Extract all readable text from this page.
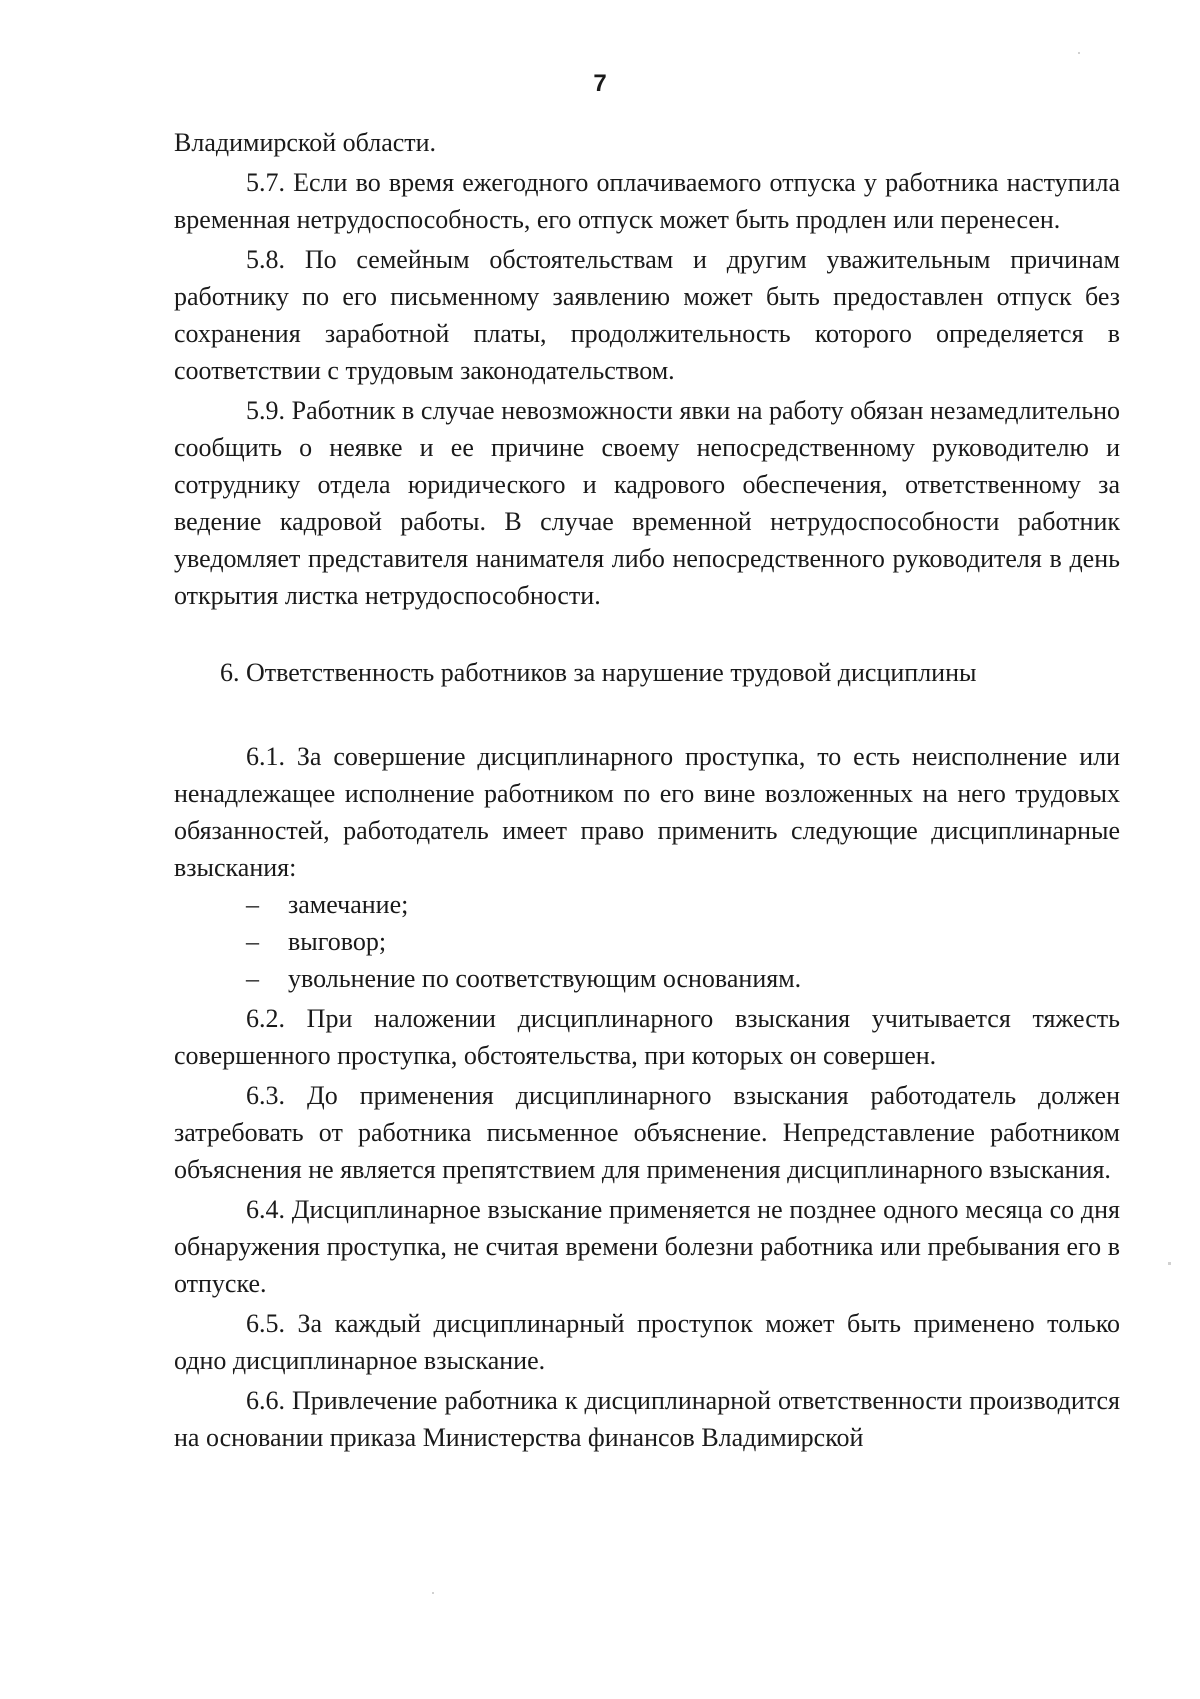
7

Владимирской области.

5.7. Если во время ежегодного оплачиваемого отпуска у работника наступила временная нетрудоспособность, его отпуск может быть продлен или перенесен.

5.8. По семейным обстоятельствам и другим уважительным причинам работнику по его письменному заявлению может быть предоставлен отпуск без сохранения заработной платы, продолжительность которого определяется в соответствии с трудовым законодательством.

5.9. Работник в случае невозможности явки на работу обязан незамедлительно сообщить о неявке и ее причине своему непосредственному руководителю и сотруднику отдела юридического и кадрового обеспечения, ответственному за ведение кадровой работы. В случае временной нетрудоспособности работник уведомляет представителя нанимателя либо непосредственного руководителя в день открытия листка нетрудоспособности.

6. Ответственность работников за нарушение трудовой дисциплины

6.1. За совершение дисциплинарного проступка, то есть неисполнение или ненадлежащее исполнение работником по его вине возложенных на него трудовых обязанностей, работодатель имеет право применить следующие дисциплинарные взыскания:

–	замечание;
–	выговор;
–	увольнение по соответствующим основаниям.

6.2. При наложении дисциплинарного взыскания учитывается тяжесть совершенного проступка, обстоятельства, при которых он совершен.

6.3. До применения дисциплинарного взыскания работодатель должен затребовать от работника письменное объяснение. Непредставление работником объяснения не является препятствием для применения дисциплинарного взыскания.

6.4. Дисциплинарное взыскание применяется не позднее одного месяца со дня обнаружения проступка, не считая времени болезни работника или пребывания его в отпуске.

6.5. За каждый дисциплинарный проступок может быть применено только одно дисциплинарное взыскание.

6.6. Привлечение работника к дисциплинарной ответственности производится на основании приказа Министерства финансов Владимирской
